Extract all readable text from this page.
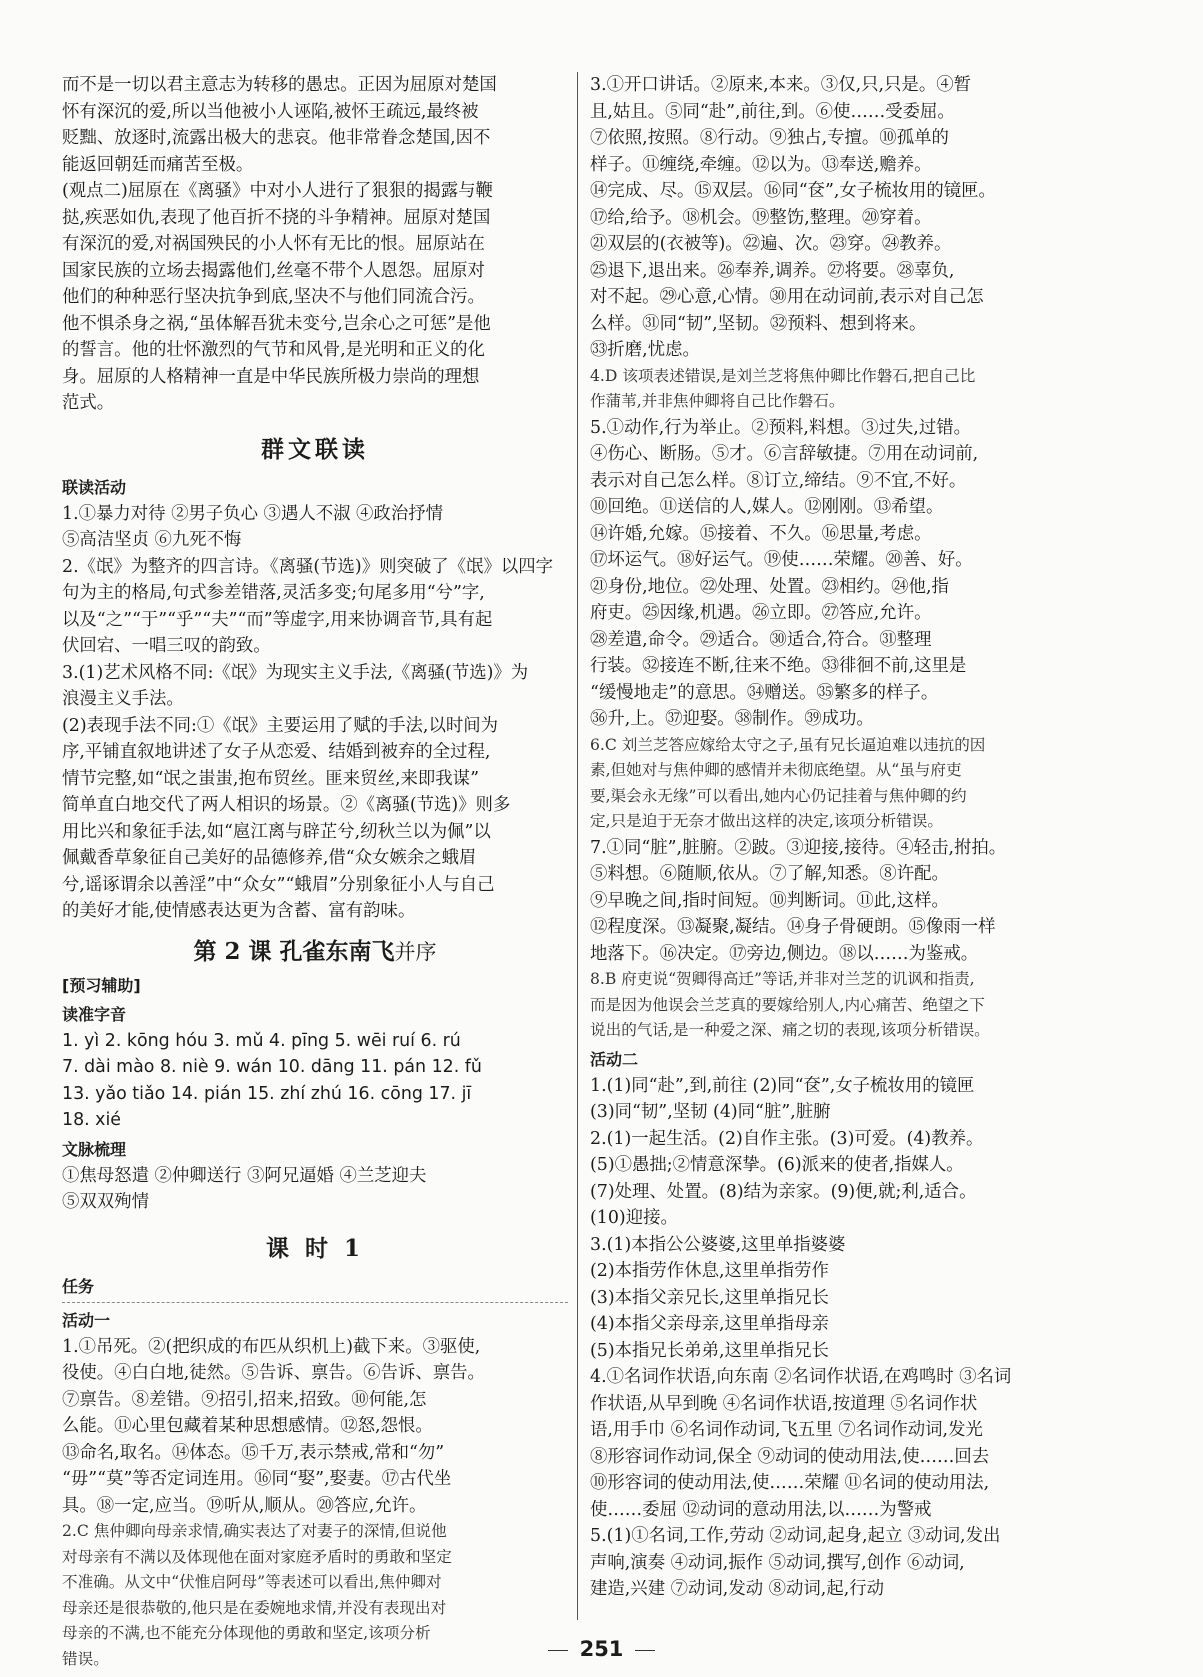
而不是一切以君主意志为转移的愚忠。正因为屈原对楚国
怀有深沉的爱,所以当他被小人诬陷,被怀王疏远,最终被
贬黜、放逐时,流露出极大的悲哀。他非常眷念楚国,因不
能返回朝廷而痛苦至极。
(观点二)屈原在《离骚》中对小人进行了狠狠的揭露与鞭
挞,疾恶如仇,表现了他百折不挠的斗争精神。屈原对楚国
有深沉的爱,对祸国殃民的小人怀有无比的恨。屈原站在
国家民族的立场去揭露他们,丝毫不带个人恩怨。屈原对
他们的种种恶行坚决抗争到底,坚决不与他们同流合污。
他不惧杀身之祸,“虽体解吾犹未变兮,岂余心之可惩”是他
的誓言。他的壮怀激烈的气节和风骨,是光明和正义的化
身。屈原的人格精神一直是中华民族所极力崇尚的理想
范式。
群文联读
联读活动
1.①暴力对待 ②男子负心 ③遇人不淑 ④政治抒情
⑤高洁坚贞 ⑥九死不悔
2.《氓》为整齐的四言诗。《离骚(节选)》则突破了《氓》以四字
句为主的格局,句式参差错落,灵活多变;句尾多用“兮”字,
以及“之”“于”“乎”“夫”“而”等虚字,用来协调音节,具有起
伏回宕、一唱三叹的韵致。
3.(1)艺术风格不同:《氓》为现实主义手法,《离骚(节选)》为
浪漫主义手法。
(2)表现手法不同:①《氓》主要运用了赋的手法,以时间为
序,平铺直叙地讲述了女子从恋爱、结婚到被弃的全过程,
情节完整,如“氓之蚩蚩,抱布贸丝。匪来贸丝,来即我谋”
简单直白地交代了两人相识的场景。②《离骚(节选)》则多
用比兴和象征手法,如“扈江离与辟芷兮,纫秋兰以为佩”以
佩戴香草象征自己美好的品德修养,借“众女嫉余之蛾眉
兮,谣诼谓余以善淫”中“众女”“蛾眉”分别象征小人与自己
的美好才能,使情感表达更为含蓄、富有韵味。
第 2 课 孔雀东南飞并序
[预习辅助]
读准字音
1. yì 2. kōng hóu 3. mǔ 4. pīng 5. wēi ruí 6. rú
7. dài mào 8. niè 9. wán 10. dāng 11. pán 12. fǔ
13. yǎo tiǎo 14. pián 15. zhí zhú 16. cōng 17. jī
18. xié
文脉梳理
①焦母怒遣 ②仲卿送行 ③阿兄逼婚 ④兰芝迎夫
⑤双双殉情
课 时 1
任务
活动一
1.①吊死。②(把织成的布匹从织机上)截下来。③驱使,
役使。④白白地,徒然。⑤告诉、禀告。⑥告诉、禀告。
⑦禀告。⑧差错。⑨招引,招来,招致。⑩何能,怎
么能。⑪心里包藏着某种思想感情。⑫怒,怨恨。
⑬命名,取名。⑭体态。⑮千万,表示禁戒,常和“勿”
“毋”“莫”等否定词连用。⑯同“娶”,娶妻。⑰古代坐
具。⑱一定,应当。⑲听从,顺从。⑳答应,允许。
2.C 焦仲卿向母亲求情,确实表达了对妻子的深情,但说他
对母亲有不满以及体现他在面对家庭矛盾时的勇敢和坚定
不准确。从文中“伏惟启阿母”等表述可以看出,焦仲卿对
母亲还是很恭敬的,他只是在委婉地求情,并没有表现出对
母亲的不满,也不能充分体现他的勇敢和坚定,该项分析
错误。
3.①开口讲话。②原来,本来。③仅,只,只是。④暂
且,姑且。⑤同“赴”,前往,到。⑥使……受委屈。
⑦依照,按照。⑧行动。⑨独占,专擅。⑩孤单的
样子。⑪缠绕,牵缠。⑫以为。⑬奉送,赡养。
⑭完成、尽。⑮双层。⑯同“奁”,女子梳妆用的镜匣。
⑰给,给予。⑱机会。⑲整饬,整理。⑳穿着。
㉑双层的(衣被等)。㉒遍、次。㉓穿。㉔教养。
㉕退下,退出来。㉖奉养,调养。㉗将要。㉘辜负,
对不起。㉙心意,心情。㉚用在动词前,表示对自己怎
么样。㉛同“韧”,坚韧。㉜预料、想到将来。
㉝折磨,忧虑。
4.D 该项表述错误,是刘兰芝将焦仲卿比作磐石,把自己比
作蒲苇,并非焦仲卿将自己比作磐石。
5.①动作,行为举止。②预料,料想。③过失,过错。
④伤心、断肠。⑤才。⑥言辞敏捷。⑦用在动词前,
表示对自己怎么样。⑧订立,缔结。⑨不宜,不好。
⑩回绝。⑪送信的人,媒人。⑫刚刚。⑬希望。
⑭许婚,允嫁。⑮接着、不久。⑯思量,考虑。
⑰坏运气。⑱好运气。⑲使……荣耀。⑳善、好。
㉑身份,地位。㉒处理、处置。㉓相约。㉔他,指
府吏。㉕因缘,机遇。㉖立即。㉗答应,允许。
㉘差遣,命令。㉙适合。㉚适合,符合。㉛整理
行装。㉜接连不断,往来不绝。㉝徘徊不前,这里是
“缓慢地走”的意思。㉞赠送。㉟繁多的样子。
㊱升,上。㊲迎娶。㊳制作。㊴成功。
6.C 刘兰芝答应嫁给太守之子,虽有兄长逼迫难以违抗的因
素,但她对与焦仲卿的感情并未彻底绝望。从“虽与府吏
要,渠会永无缘”可以看出,她内心仍记挂着与焦仲卿的约
定,只是迫于无奈才做出这样的决定,该项分析错误。
7.①同“脏”,脏腑。②跛。③迎接,接待。④轻击,拊拍。
⑤料想。⑥随顺,依从。⑦了解,知悉。⑧许配。
⑨早晚之间,指时间短。⑩判断词。⑪此,这样。
⑫程度深。⑬凝聚,凝结。⑭身子骨硬朗。⑮像雨一样
地落下。⑯决定。⑰旁边,侧边。⑱以……为鉴戒。
8.B 府吏说“贺卿得高迁”等话,并非对兰芝的讥讽和指责,
而是因为他误会兰芝真的要嫁给别人,内心痛苦、绝望之下
说出的气话,是一种爱之深、痛之切的表现,该项分析错误。
活动二
1.(1)同“赴”,到,前往 (2)同“奁”,女子梳妆用的镜匣
(3)同“韧”,坚韧 (4)同“脏”,脏腑
2.(1)一起生活。(2)自作主张。(3)可爱。(4)教养。
(5)①愚拙;②情意深挚。(6)派来的使者,指媒人。
(7)处理、处置。(8)结为亲家。(9)便,就;利,适合。
(10)迎接。
3.(1)本指公公婆婆,这里单指婆婆
(2)本指劳作休息,这里单指劳作
(3)本指父亲兄长,这里单指兄长
(4)本指父亲母亲,这里单指母亲
(5)本指兄长弟弟,这里单指兄长
4.①名词作状语,向东南 ②名词作状语,在鸡鸣时 ③名词
作状语,从早到晚 ④名词作状语,按道理 ⑤名词作状
语,用手巾 ⑥名词作动词,飞五里 ⑦名词作动词,发光
⑧形容词作动词,保全 ⑨动词的使动用法,使……回去
⑩形容词的使动用法,使……荣耀 ⑪名词的使动用法,
使……委屈 ⑫动词的意动用法,以……为警戒
5.(1)①名词,工作,劳动 ②动词,起身,起立 ③动词,发出
声响,演奏 ④动词,振作 ⑤动词,撰写,创作 ⑥动词,
建造,兴建 ⑦动词,发动 ⑧动词,起,行动
251
